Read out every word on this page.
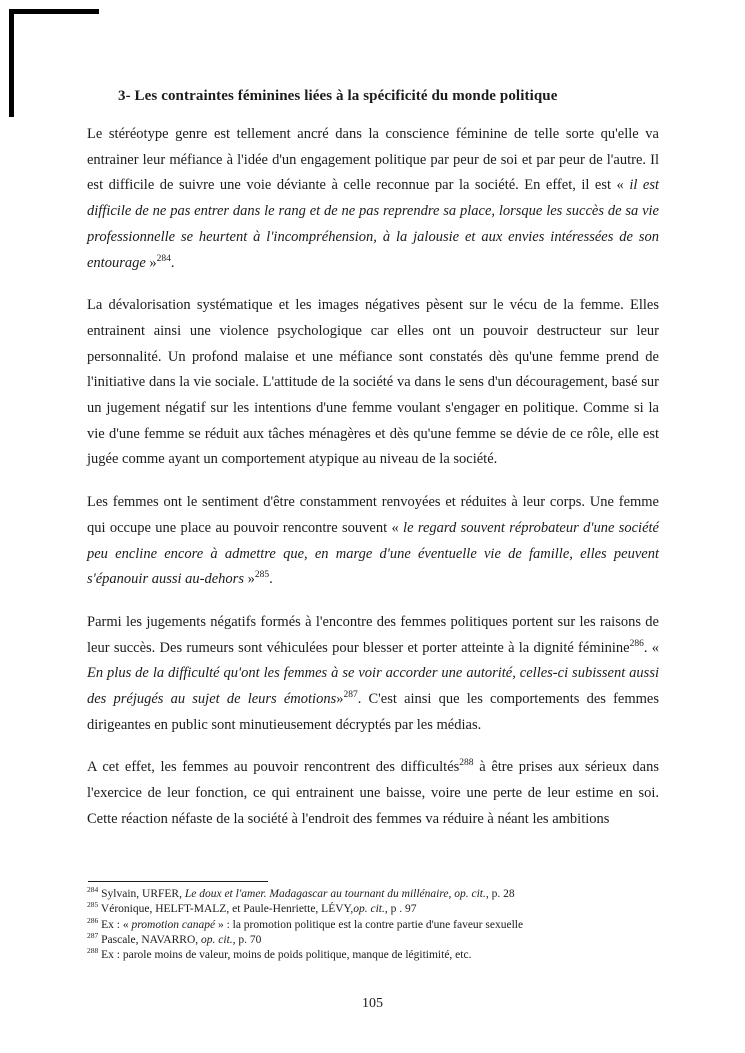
3- Les contraintes féminines liées à la spécificité du monde politique

Le stéréotype genre est tellement ancré dans la conscience féminine de telle sorte qu'elle va entrainer leur méfiance à l'idée d'un engagement politique par peur de soi et par peur de l'autre. Il est difficile de suivre une voie déviante à celle reconnue par la société. En effet, il est « il est difficile de ne pas entrer dans le rang et de ne pas reprendre sa place, lorsque les succès de sa vie professionnelle se heurtent à l'incompréhension, à la jalousie et aux envies intéressées de son entourage »$^{284}$.

La dévalorisation systématique et les images négatives pèsent sur le vécu de la femme. Elles entrainent ainsi une violence psychologique car elles ont un pouvoir destructeur sur leur personnalité. Un profond malaise et une méfiance sont constatés dès qu'une femme prend de l'initiative dans la vie sociale. L'attitude de la société va dans le sens d'un découragement, basé sur un jugement négatif sur les intentions d'une femme voulant s'engager en politique. Comme si la vie d'une femme se réduit aux tâches ménagères et dès qu'une femme se dévie de ce rôle, elle est jugée comme ayant un comportement atypique au niveau de la société.

Les femmes ont le sentiment d'être constamment renvoyées et réduites à leur corps. Une femme qui occupe une place au pouvoir rencontre souvent « le regard souvent réprobateur d'une société peu encline encore à admettre que, en marge d'une éventuelle vie de famille, elles peuvent s'épanouir aussi au-dehors »$^{285}$.

Parmi les jugements négatifs formés à l'encontre des femmes politiques portent sur les raisons de leur succès. Des rumeurs sont véhiculées pour blesser et porter atteinte à la dignité féminine$^{286}$. « En plus de la difficulté qu'ont les femmes à se voir accorder une autorité, celles-ci subissent aussi des préjugés au sujet de leurs émotions»$^{287}$. C'est ainsi que les comportements des femmes dirigeantes en public sont minutieusement décryptés par les médias.

A cet effet, les femmes au pouvoir rencontrent des difficultés$^{288}$ à être prises aux sérieux dans l'exercice de leur fonction, ce qui entrainent une baisse, voire une perte de leur estime en soi. Cette réaction néfaste de la société à l'endroit des femmes va réduire à néant les ambitions

$^{284}$ Sylvain, URFER, Le doux et l'amer. Madagascar au tournant du millénaire, op. cit., p. 28

$^{285}$ Véronique, HELFT-MALZ, et Paule-Henriette, LÉVY,op. cit., p . 97

$^{286}$ Ex : « promotion canapé » : la promotion politique est la contre partie d'une faveur sexuelle

$^{287}$ Pascale, NAVARRO, op. cit., p. 70

$^{288}$ Ex : parole moins de valeur, moins de poids politique, manque de légitimité, etc.

105
